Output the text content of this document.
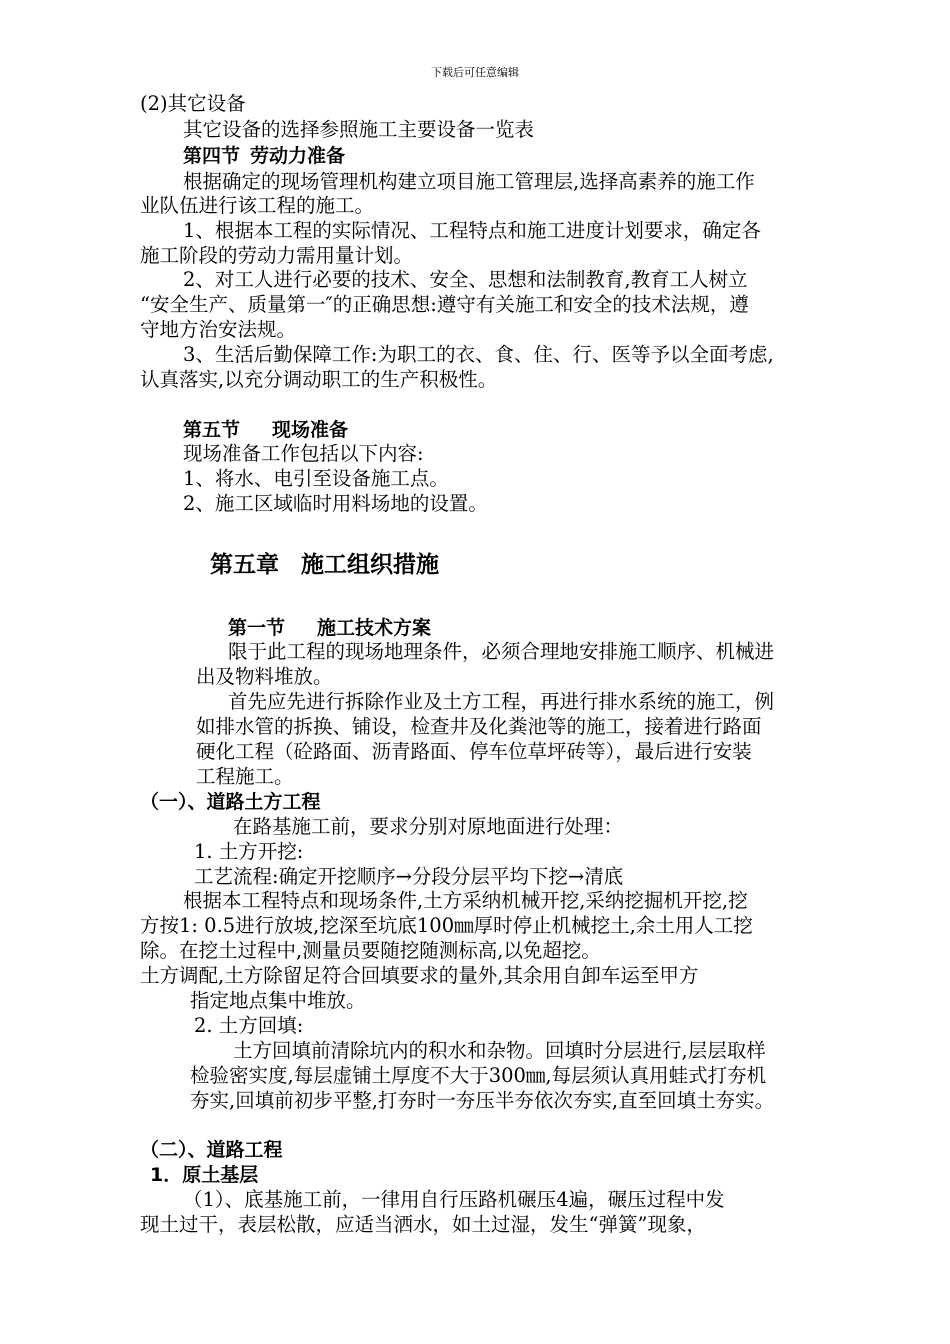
下载后可任意编辑
(2)其它设备
其它设备的选择参照施工主要设备一览表
第四节 劳动力准备
根据确定的现场管理机构建立项目施工管理层,选择高素养的施工作
业队伍进行该工程的施工。
1、根据本工程的实际情况、工程特点和施工进度计划要求，确定各
施工阶段的劳动力需用量计划。
2、对工人进行必要的技术、安全、思想和法制教育,教育工人树立
“安全生产、质量第一″的正确思想:遵守有关施工和安全的技术法规，遵
守地方治安法规。
3、生活后勤保障工作:为职工的衣、食、住、行、医等予以全面考虑,
认真落实,以充分调动职工的生产积极性。
第五节 现场准备
现场准备工作包括以下内容:
1、将水、电引至设备施工点。
2、施工区域临时用料场地的设置。
第五章 施工组织措施
第一节 施工技术方案
限于此工程的现场地理条件，必须合理地安排施工顺序、机械进
出及物料堆放。
首先应先进行拆除作业及土方工程，再进行排水系统的施工，例
如排水管的拆换、铺设，检查井及化粪池等的施工，接着进行路面
硬化工程（砼路面、沥青路面、停车位草坪砖等），最后进行安装
工程施工。
（一）、道路土方工程
在路基施工前，要求分别对原地面进行处理：
1. 土方开挖:
工艺流程:确定开挖顺序→分段分层平均下挖→清底
根据本工程特点和现场条件,土方采纳机械开挖,采纳挖掘机开挖,挖
方按1: 0.5进行放坡,挖深至坑底100㎜厚时停止机械挖土,余土用人工挖
除。在挖土过程中,测量员要随挖随测标高,以免超挖。
土方调配,土方除留足符合回填要求的量外,其余用自卸车运至甲方
指定地点集中堆放。
2. 土方回填:
土方回填前清除坑内的积水和杂物。回填时分层进行,层层取样
检验密实度,每层虚铺土厚度不大于300㎜,每层须认真用蛙式打夯机
夯实,回填前初步平整,打夯时一夯压半夯依次夯实,直至回填土夯实。
（二）、道路工程
1．原土基层
（1）、底基施工前，一律用自行压路机碾压4遍，碾压过程中发
现土过干，表层松散，应适当洒水，如土过湿，发生“弹簧”现象，
